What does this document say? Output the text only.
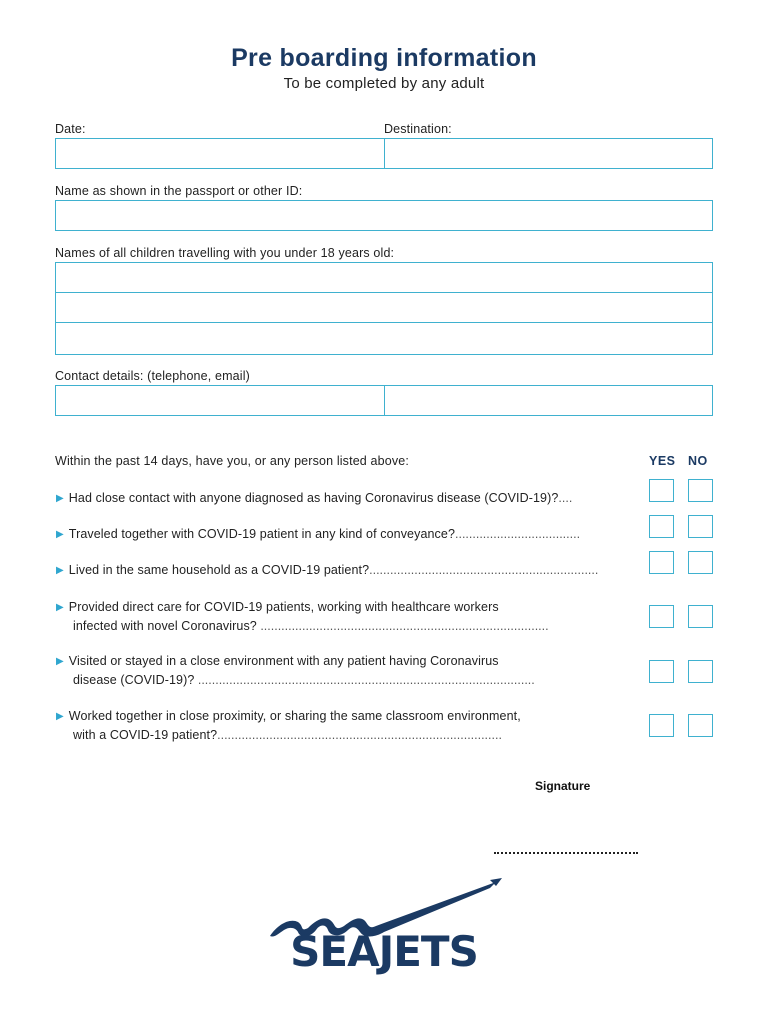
Pre boarding information
To be completed by any adult
Date:	Destination:
Name as shown in the passport or other ID:
Names of all children travelling with you under 18 years old:
Contact details: (telephone, email)
Within the past 14 days, have you, or any person listed above:	YES NO
▶ Had close contact with anyone diagnosed as having Coronavirus disease (COVID-19)?....
▶ Traveled together with COVID-19 patient in any kind of conveyance?....................................
▶ Lived in the same household as a COVID-19 patient?..................................................................
▶ Provided direct care for COVID-19 patients, working with healthcare workers
infected with novel Coronavirus? ...................................................................................
▶ Visited or stayed in a close environment with any patient having Coronavirus
disease (COVID-19)? .................................................................................................
▶ Worked together in close proximity, or sharing the same classroom environment,
with a COVID-19 patient?..................................................................................
Signature
SEAJETS
